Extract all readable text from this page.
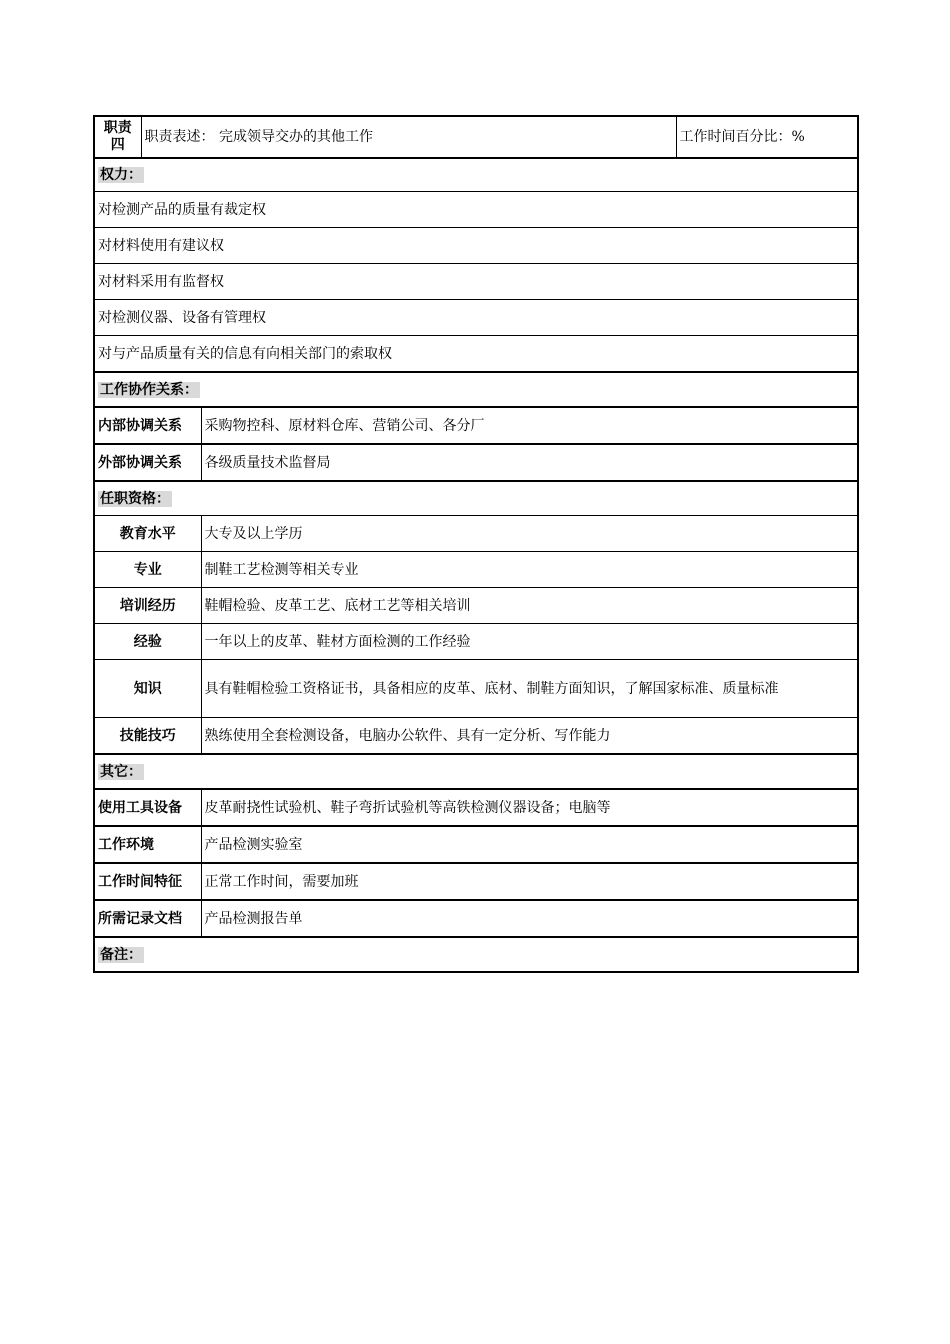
职责
四	职责表述： 完成领导交办的其他工作		工作时间百分比：%
权力：			
对检测产品的质量有裁定权			
对材料使用有建议权			
对材料采用有监督权			
对检测仪器、设备有管理权			
对与产品质量有关的信息有向相关部门的索取权			
工作协作关系：			
内部协调关系		采购物控科、原材料仓库、营销公司、各分厂	
外部协调关系		各级质量技术监督局	
任职资格：			
教育水平		大专及以上学历	
专业		制鞋工艺检测等相关专业	
培训经历		鞋帽检验、皮革工艺、底材工艺等相关培训	
经验		一年以上的皮革、鞋材方面检测的工作经验	
知识		具有鞋帽检验工资格证书，具备相应的皮革、底材、制鞋方面知识，了解国家标准、质量标准	
技能技巧		熟练使用全套检测设备，电脑办公软件、具有一定分析、写作能力	
其它：			
使用工具设备		皮革耐挠性试验机、鞋子弯折试验机等高铁检测仪器设备；电脑等	
工作环境		产品检测实验室	
工作时间特征		正常工作时间，需要加班	
所需记录文档		产品检测报告单	
备注：			
